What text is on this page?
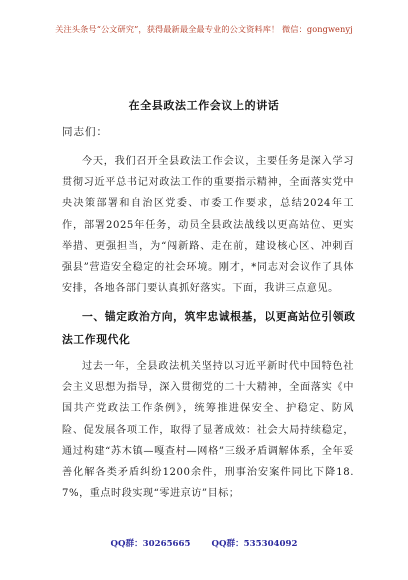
关注头条号“公文研究”，获得最新最全最专业的公文资料库！ 微信：gongwenyj
在全县政法工作会议上的讲话
同志们：
今天，我们召开全县政法工作会议，主要任务是深入学习贯彻习近平总书记对政法工作的重要指示精神，全面落实党中央决策部署和自治区党委、市委工作要求，总结2024年工作，部署2025年任务，动员全县政法战线以更高站位、更实举措、更强担当，为“闯新路、走在前，建设核心区、冲刺百强县”营造安全稳定的社会环境。刚才，*同志对会议作了具体安排，各地各部门要认真抓好落实。下面，我讲三点意见。
一、锚定政治方向，筑牢忠诚根基，以更高站位引领政法工作现代化
过去一年，全县政法机关坚持以习近平新时代中国特色社会主义思想为指导，深入贯彻党的二十大精神，全面落实《中国共产党政法工作条例》，统筹推进保安全、护稳定、防风险、促发展各项工作，取得了显著成效：社会大局持续稳定，通过构建“苏木镇—嘎查村—网格”三级矛盾调解体系，全年妥善化解各类矛盾纠纷1200余件，刑事治安案件同比下降18.7%，重点时段实现“零进京访”目标；
QQ群：30265665 QQ群：535304092
